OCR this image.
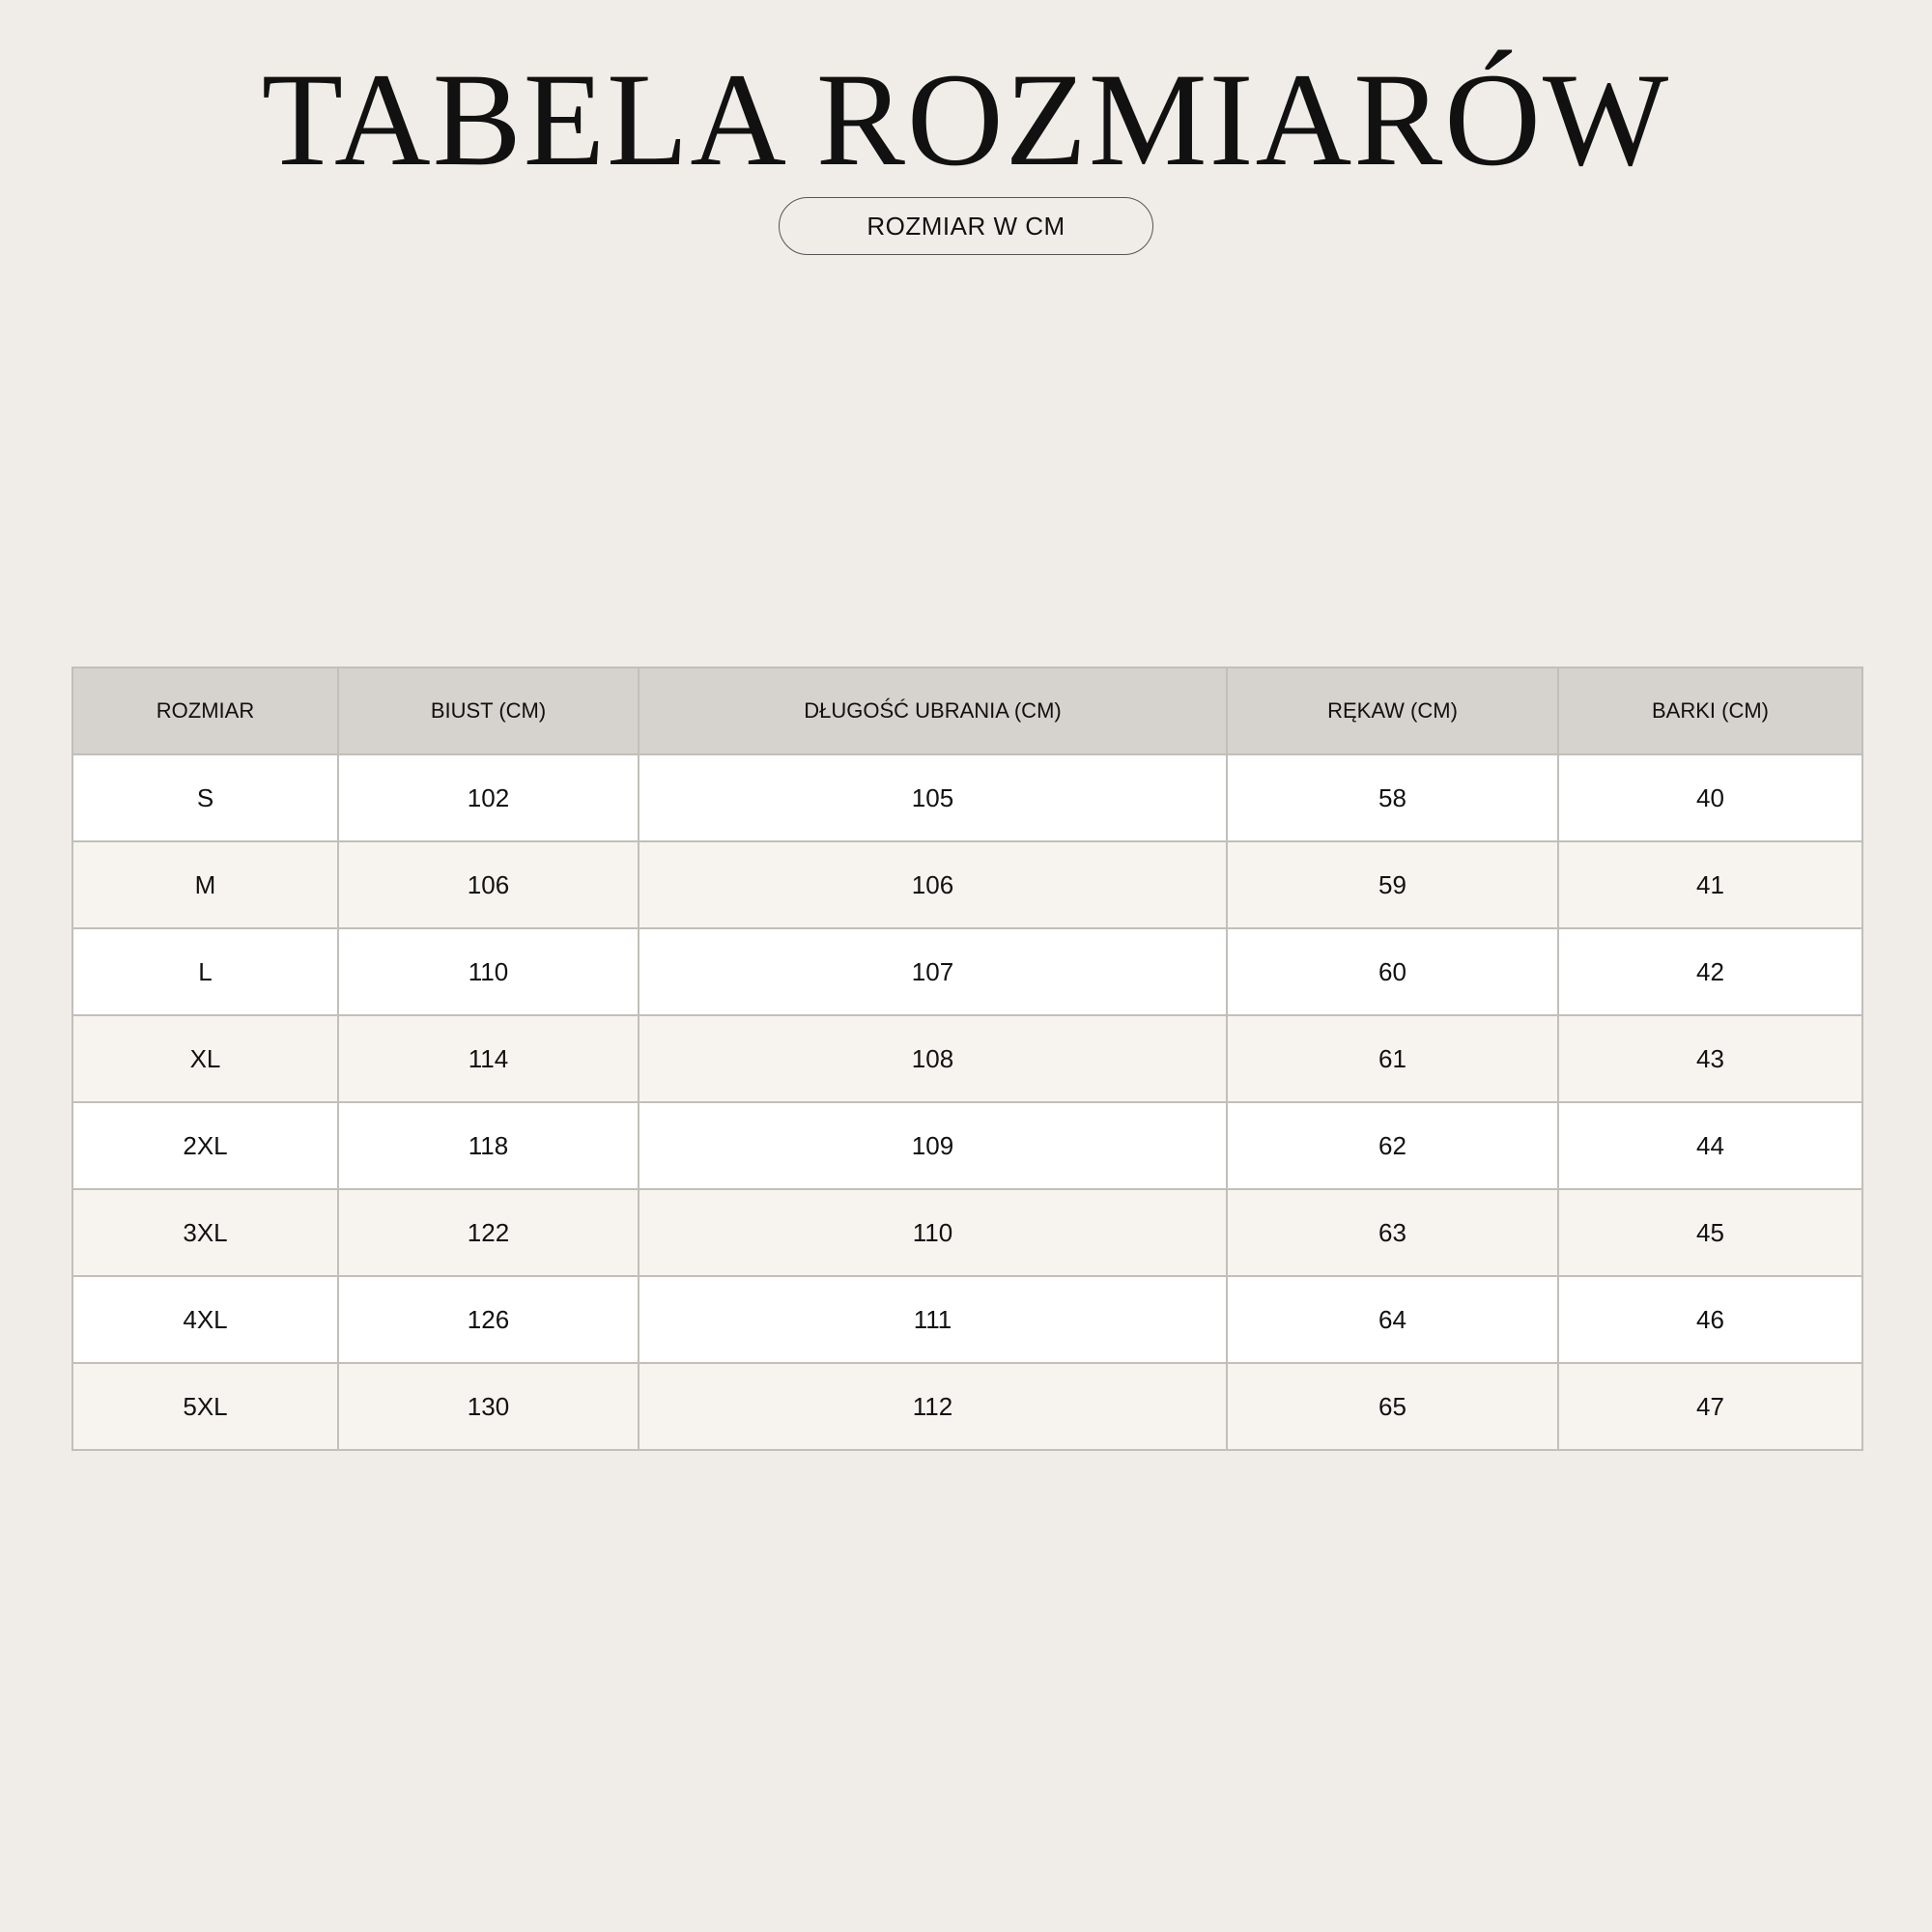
TABELA ROZMIARÓW
ROZMIAR W CM
ROZMIAR	BIUST (CM)	DŁUGOŚĆ UBRANIA (CM)	RĘKAW (CM)	BARKI (CM)
S	102	105	58	40
M	106	106	59	41
L	110	107	60	42
XL	114	108	61	43
2XL	118	109	62	44
3XL	122	110	63	45
4XL	126	111	64	46
5XL	130	112	65	47
